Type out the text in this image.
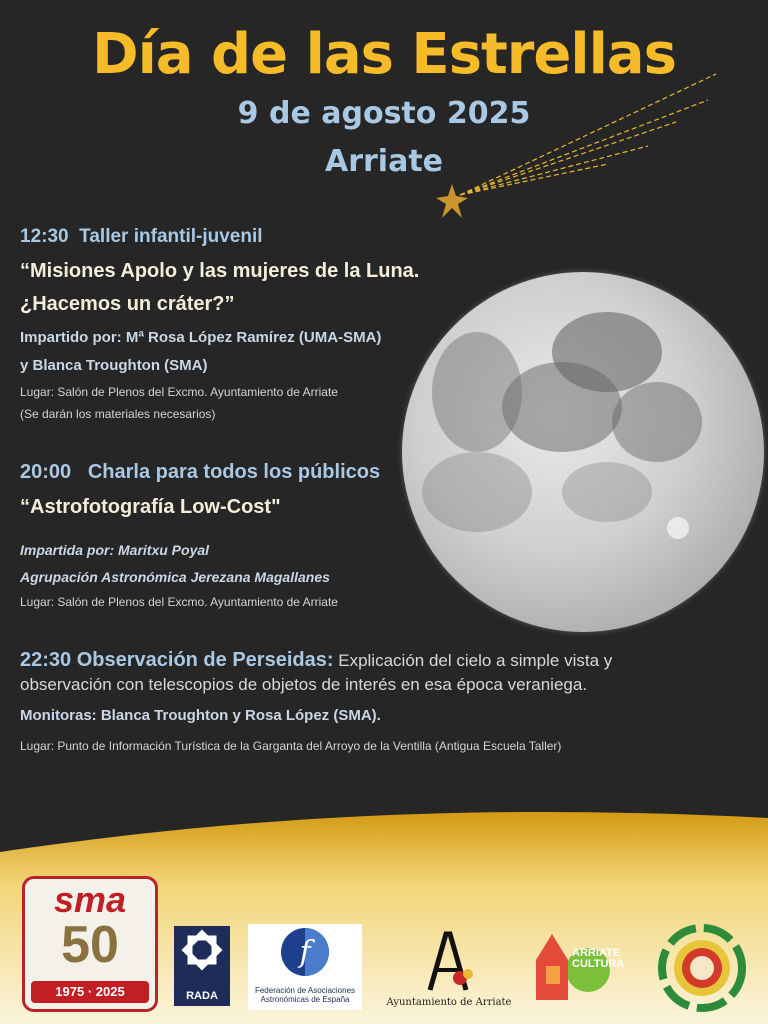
Día de las Estrellas
9 de agosto 2025
Arriate
12:30 Taller infantil-juvenil
“Misiones Apolo y las mujeres de la Luna.
¿Hacemos un cráter?”
Impartido por: Mª Rosa López Ramírez (UMA-SMA)
y Blanca Troughton (SMA)
Lugar: Salón de Plenos del Excmo. Ayuntamiento de Arriate
(Se darán los materiales necesarios)
20:00 Charla para todos los públicos
“Astrofotografía Low-Cost"
Impartida por: Maritxu Poyal
Agrupación Astronómica Jerezana Magallanes
Lugar: Salón de Plenos del Excmo. Ayuntamiento de Arriate
22:30 Observación de Perseidas: Explicación del cielo a simple vista y observación con telescopios de objetos de interés en esa época veraniega.
Monitoras: Blanca Troughton y Rosa López (SMA).
Lugar: Punto de Información Turística de la Garganta del Arroyo de la Ventilla (Antigua Escuela Taller)
sma
50
1975 · 2025	RADA
f
Federación de Asociaciones Astronómicas de España	Ayuntamiento de Arriate
ARRIATE
CULTURA
